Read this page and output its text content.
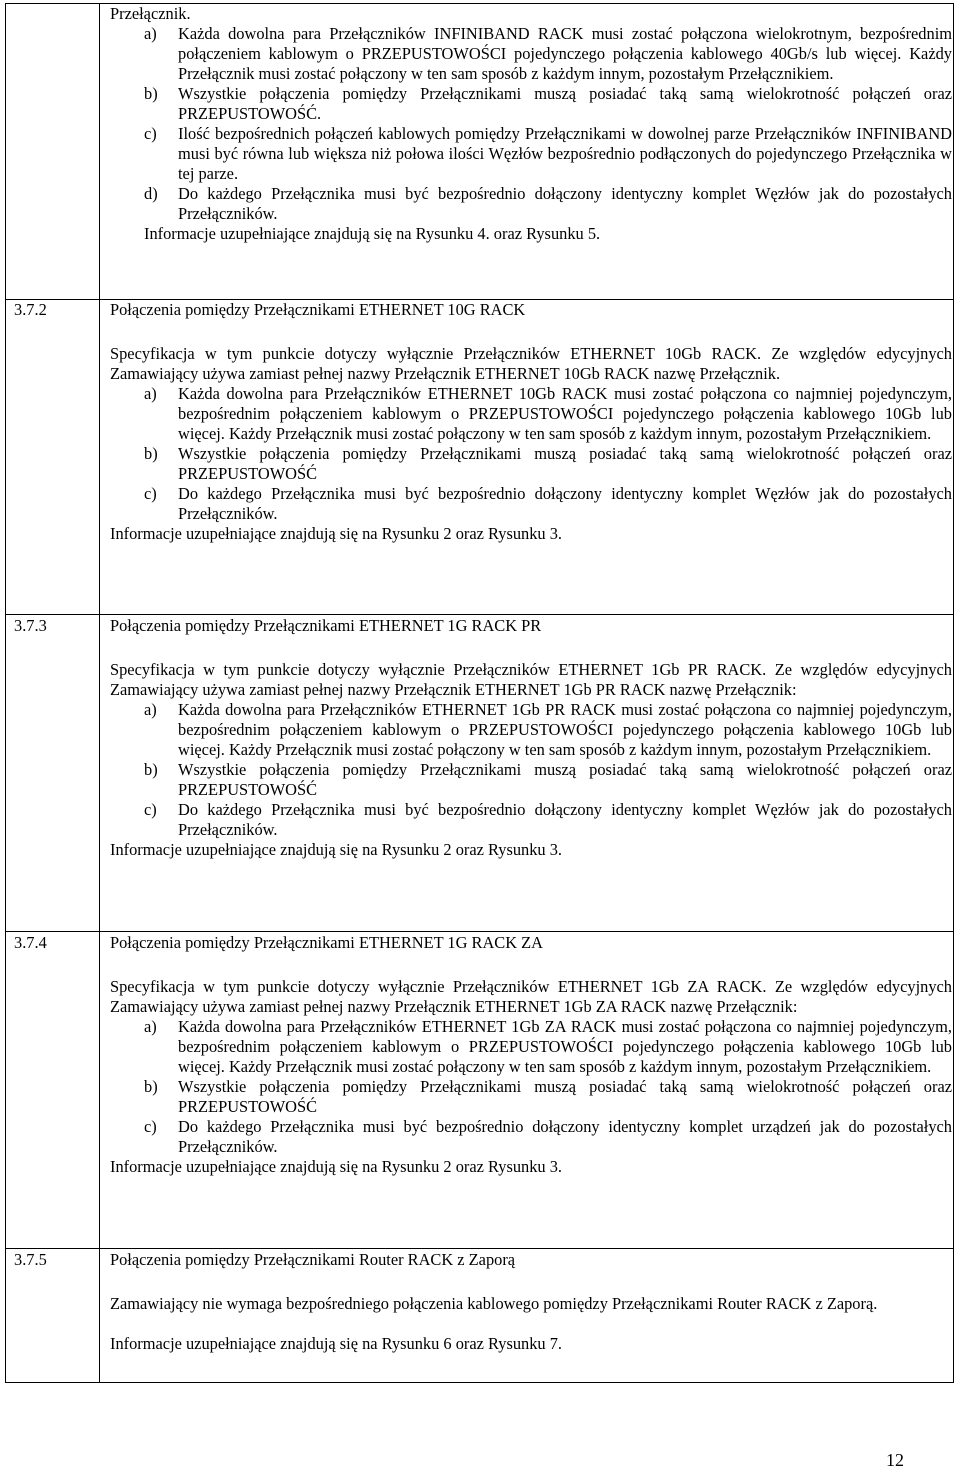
Przełącznik.

a)	Każda dowolna para Przełączników INFINIBAND RACK musi zostać połączona wielokrotnym, bezpośrednim połączeniem kablowym o PRZEPUSTOWOŚCI pojedynczego połączenia kablowego 40Gb/s lub więcej. Każdy Przełącznik musi zostać połączony w ten sam sposób z każdym innym, pozostałym Przełącznikiem.
b)	Wszystkie połączenia pomiędzy Przełącznikami muszą posiadać taką samą wielokrotność połączeń oraz PRZEPUSTOWOŚĆ.
c)	Ilość bezpośrednich połączeń kablowych pomiędzy Przełącznikami w dowolnej parze Przełączników INFINIBAND musi być równa lub większa niż połowa ilości Węzłów bezpośrednio podłączonych do pojedynczego Przełącznika w tej parze.
d)	Do każdego Przełącznika musi być bezpośrednio dołączony identyczny komplet Węzłów jak do pozostałych Przełączników.

Informacje uzupełniające znajdują się na Rysunku 4. oraz Rysunku 5.

3.7.2	Połączenia pomiędzy Przełącznikami ETHERNET 10G RACK

Specyfikacja w tym punkcie dotyczy wyłącznie Przełączników ETHERNET 10Gb RACK. Ze względów edycyjnych Zamawiający używa zamiast pełnej nazwy Przełącznik ETHERNET 10Gb RACK nazwę Przełącznik.

a)	Każda dowolna para Przełączników ETHERNET 10Gb RACK musi zostać połączona co najmniej pojedynczym, bezpośrednim połączeniem kablowym o PRZEPUSTOWOŚCI pojedynczego połączenia kablowego 10Gb lub więcej. Każdy Przełącznik musi zostać połączony w ten sam sposób z każdym innym, pozostałym Przełącznikiem.
b)	Wszystkie połączenia pomiędzy Przełącznikami muszą posiadać taką samą wielokrotność połączeń oraz PRZEPUSTOWOŚĆ
c)	Do każdego Przełącznika musi być bezpośrednio dołączony identyczny komplet Węzłów jak do pozostałych Przełączników.

Informacje uzupełniające znajdują się na Rysunku 2 oraz Rysunku 3.

3.7.3	Połączenia pomiędzy Przełącznikami ETHERNET 1G RACK PR

Specyfikacja w tym punkcie dotyczy wyłącznie Przełączników ETHERNET 1Gb PR RACK. Ze względów edycyjnych Zamawiający używa zamiast pełnej nazwy Przełącznik ETHERNET 1Gb PR RACK nazwę Przełącznik:

a)	Każda dowolna para Przełączników ETHERNET 1Gb PR RACK musi zostać połączona co najmniej pojedynczym, bezpośrednim połączeniem kablowym o PRZEPUSTOWOŚCI pojedynczego połączenia kablowego 10Gb lub więcej. Każdy Przełącznik musi zostać połączony w ten sam sposób z każdym innym, pozostałym Przełącznikiem.
b)	Wszystkie połączenia pomiędzy Przełącznikami muszą posiadać taką samą wielokrotność połączeń oraz PRZEPUSTOWOŚĆ
c)	Do każdego Przełącznika musi być bezpośrednio dołączony identyczny komplet Węzłów jak do pozostałych Przełączników.

Informacje uzupełniające znajdują się na Rysunku 2 oraz Rysunku 3.

3.7.4	Połączenia pomiędzy Przełącznikami ETHERNET 1G RACK ZA

Specyfikacja w tym punkcie dotyczy wyłącznie Przełączników ETHERNET 1Gb ZA RACK. Ze względów edycyjnych Zamawiający używa zamiast pełnej nazwy Przełącznik ETHERNET 1Gb ZA RACK nazwę Przełącznik:

a)	Każda dowolna para Przełączników ETHERNET 1Gb ZA RACK musi zostać połączona co najmniej pojedynczym, bezpośrednim połączeniem kablowym o PRZEPUSTOWOŚCI pojedynczego połączenia kablowego 10Gb lub więcej. Każdy Przełącznik musi zostać połączony w ten sam sposób z każdym innym, pozostałym Przełącznikiem.
b)	Wszystkie połączenia pomiędzy Przełącznikami muszą posiadać taką samą wielokrotność połączeń oraz PRZEPUSTOWOŚĆ
c)	Do każdego Przełącznika musi być bezpośrednio dołączony identyczny komplet urządzeń jak do pozostałych Przełączników.

Informacje uzupełniające znajdują się na Rysunku 2 oraz Rysunku 3.

3.7.5	Połączenia pomiędzy Przełącznikami Router RACK z Zaporą

Zamawiający nie wymaga bezpośredniego połączenia kablowego pomiędzy Przełącznikami Router RACK z Zaporą.

Informacje uzupełniające znajdują się na Rysunku 6 oraz Rysunku 7.

12
